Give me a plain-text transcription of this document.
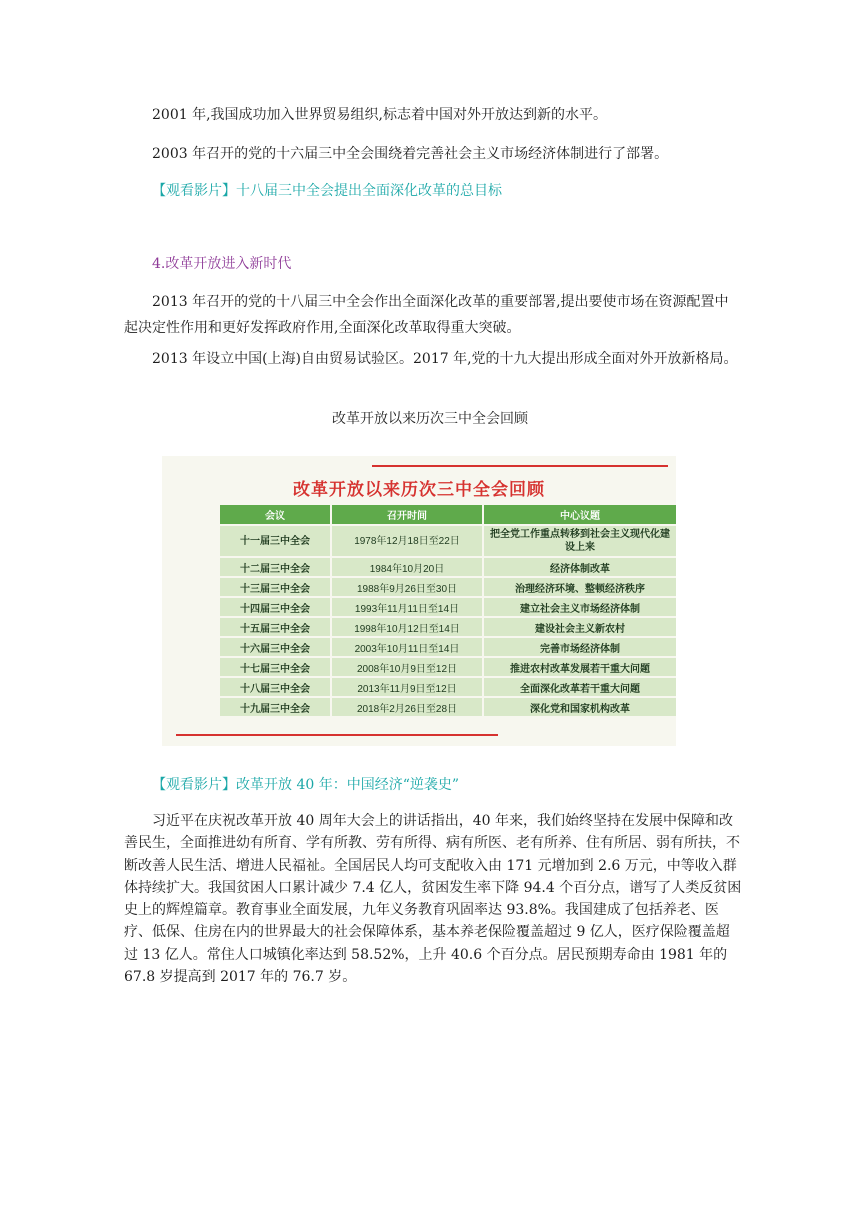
2001 年,我国成功加入世界贸易组织,标志着中国对外开放达到新的水平。

2003 年召开的党的十六届三中全会围绕着完善社会主义市场经济体制进行了部署。

【观看影片】十八届三中全会提出全面深化改革的总目标

4.改革开放进入新时代

2013 年召开的党的十八届三中全会作出全面深化改革的重要部署,提出要使市场在资源配置中起决定性作用和更好发挥政府作用,全面深化改革取得重大突破。

2013 年设立中国(上海)自由贸易试验区。2017 年,党的十九大提出形成全面对外开放新格局。

改革开放以来历次三中全会回顾

改革开放以来历次三中全会回顾
会议	召开时间	中心议题
十一届三中全会	1978年12月18日至22日	把全党工作重点转移到社会主义现代化建设上来
十二届三中全会	1984年10月20日	经济体制改革
十三届三中全会	1988年9月26日至30日	治理经济环境、整顿经济秩序
十四届三中全会	1993年11月11日至14日	建立社会主义市场经济体制
十五届三中全会	1998年10月12日至14日	建设社会主义新农村
十六届三中全会	2003年10月11日至14日	完善市场经济体制
十七届三中全会	2008年10月9日至12日	推进农村改革发展若干重大问题
十八届三中全会	2013年11月9日至12日	全面深化改革若干重大问题
十九届三中全会	2018年2月26日至28日	深化党和国家机构改革

【观看影片】改革开放 40 年：中国经济“逆袭史”

习近平在庆祝改革开放 40 周年大会上的讲话指出，40 年来，我们始终坚持在发展中保障和改善民生，全面推进幼有所育、学有所教、劳有所得、病有所医、老有所养、住有所居、弱有所扶，不断改善人民生活、增进人民福祉。全国居民人均可支配收入由 171 元增加到 2.6 万元，中等收入群体持续扩大。我国贫困人口累计减少 7.4 亿人，贫困发生率下降 94.4 个百分点，谱写了人类反贫困史上的辉煌篇章。教育事业全面发展，九年义务教育巩固率达 93.8%。我国建成了包括养老、医疗、低保、住房在内的世界最大的社会保障体系，基本养老保险覆盖超过 9 亿人，医疗保险覆盖超过 13 亿人。常住人口城镇化率达到 58.52%，上升 40.6 个百分点。居民预期寿命由 1981 年的 67.8 岁提高到 2017 年的 76.7 岁。
